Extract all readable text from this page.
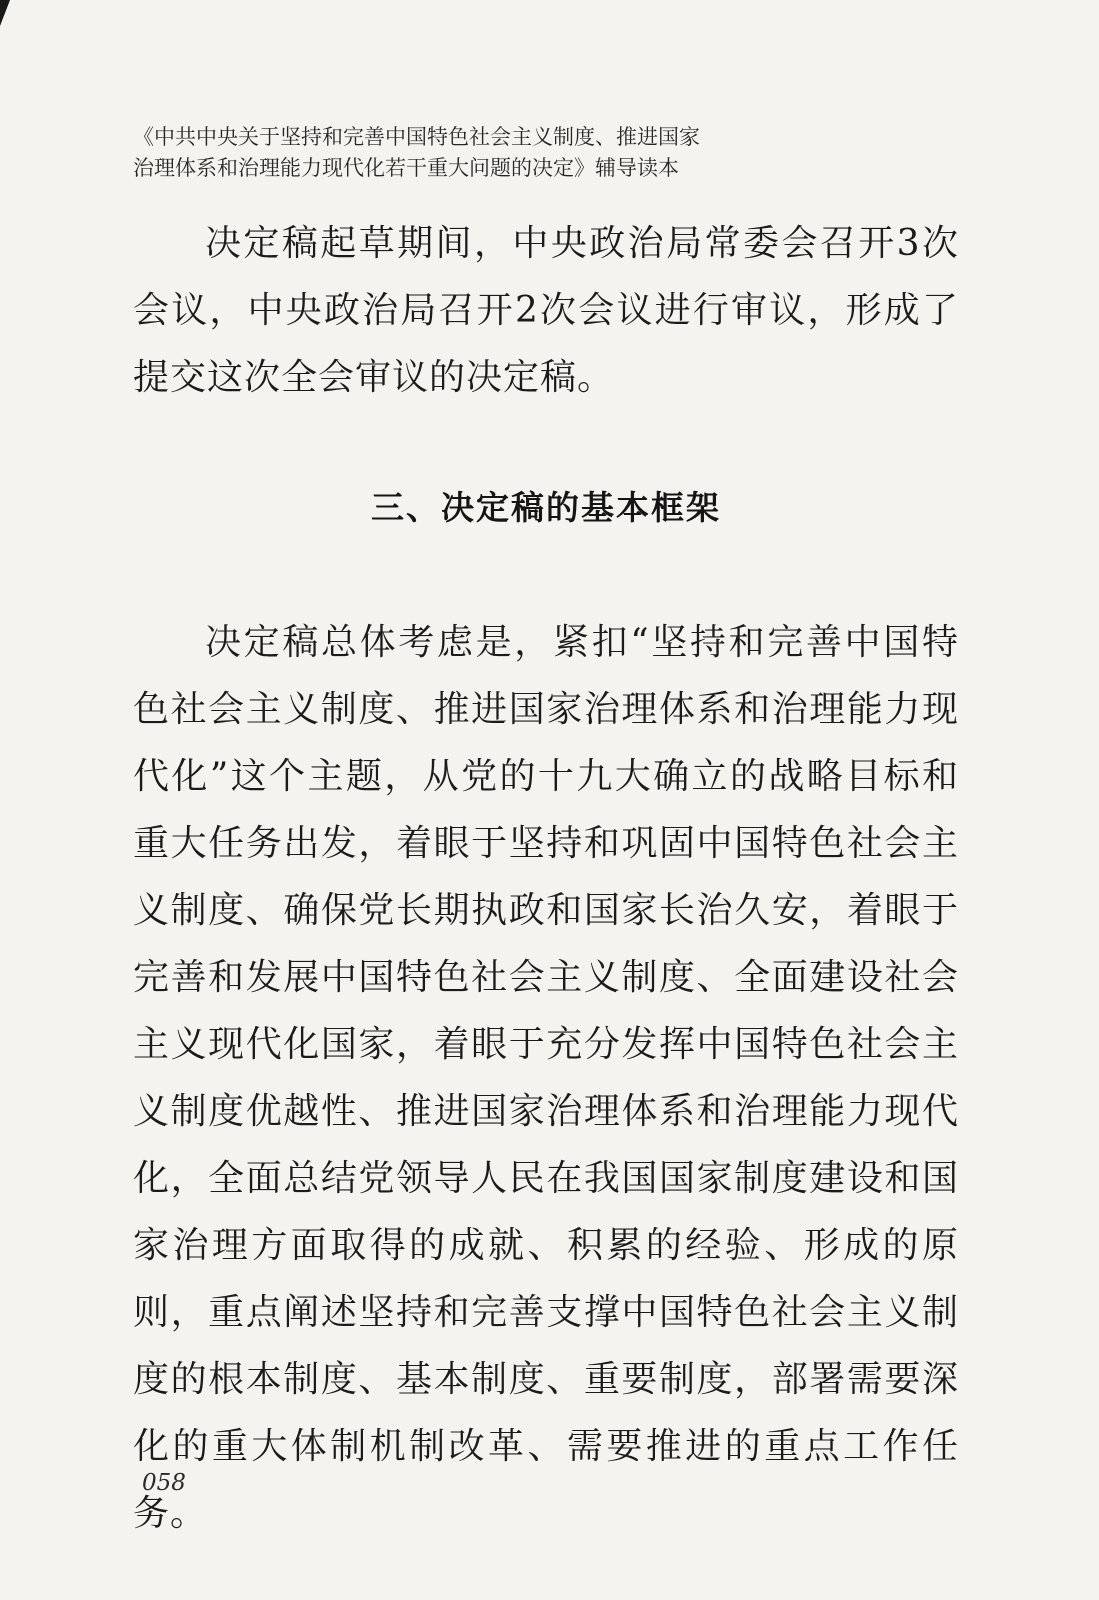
《中共中央关于坚持和完善中国特色社会主义制度、推进国家
治理体系和治理能力现代化若干重大问题的决定》辅导读本

决定稿起草期间，中央政治局常委会召开3次会议，中央政治局召开2次会议进行审议，形成了提交这次全会审议的决定稿。

三、决定稿的基本框架

决定稿总体考虑是，紧扣“坚持和完善中国特色社会主义制度、推进国家治理体系和治理能力现代化”这个主题，从党的十九大确立的战略目标和重大任务出发，着眼于坚持和巩固中国特色社会主义制度、确保党长期执政和国家长治久安，着眼于完善和发展中国特色社会主义制度、全面建设社会主义现代化国家，着眼于充分发挥中国特色社会主义制度优越性、推进国家治理体系和治理能力现代化，全面总结党领导人民在我国国家制度建设和国家治理方面取得的成就、积累的经验、形成的原则，重点阐述坚持和完善支撑中国特色社会主义制度的根本制度、基本制度、重要制度，部署需要深化的重大体制机制改革、需要推进的重点工作任务。

058
